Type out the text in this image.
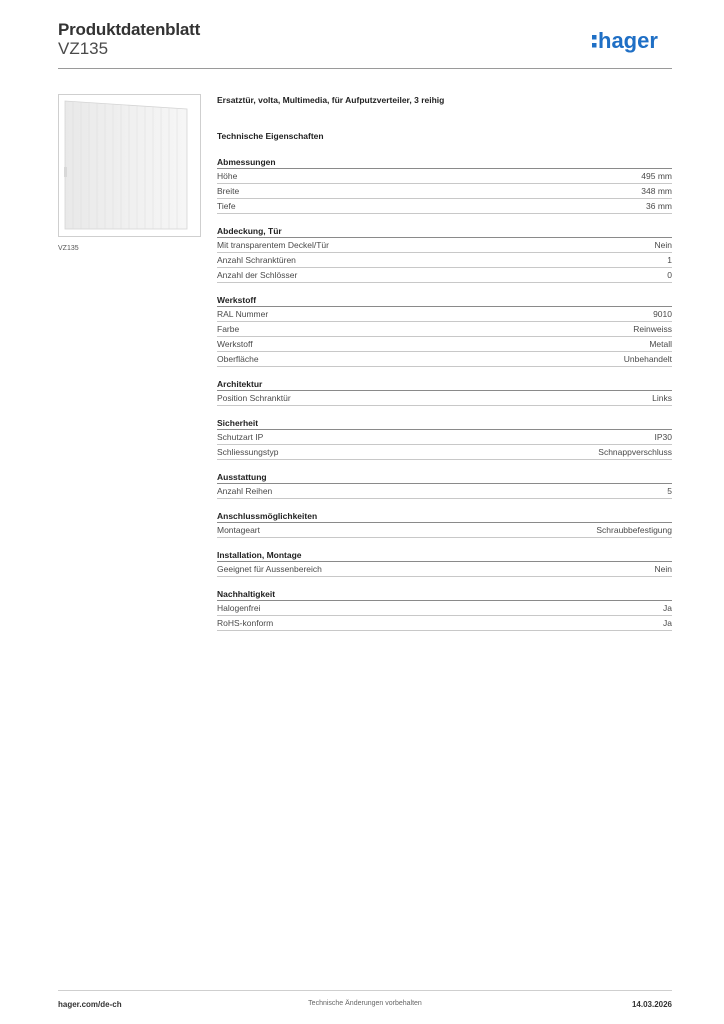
Produktdatenblatt
VZ135	hager
VZ135
Ersatztür, volta, Multimedia, für Aufputzverteiler, 3 reihig
Technische Eigenschaften
Abmessungen
Höhe	495 mm
Breite	348 mm
Tiefe	36 mm
Abdeckung, Tür
Mit transparentem Deckel/Tür	Nein
Anzahl Schranktüren	1
Anzahl der Schlösser	0
Werkstoff
RAL Nummer	9010
Farbe	Reinweiss
Werkstoff	Metall
Oberfläche	Unbehandelt
Architektur
Position Schranktür	Links
Sicherheit
Schutzart IP	IP30
Schliessungstyp	Schnappverschluss
Ausstattung
Anzahl Reihen	5
Anschlussmöglichkeiten
Montageart	Schraubbefestigung
Installation, Montage
Geeignet für Aussenbereich	Nein
Nachhaltigkeit
Halogenfrei	Ja
RoHS-konform	Ja
hager.com/de-ch	Technische Änderungen vorbehalten	14.03.2026
